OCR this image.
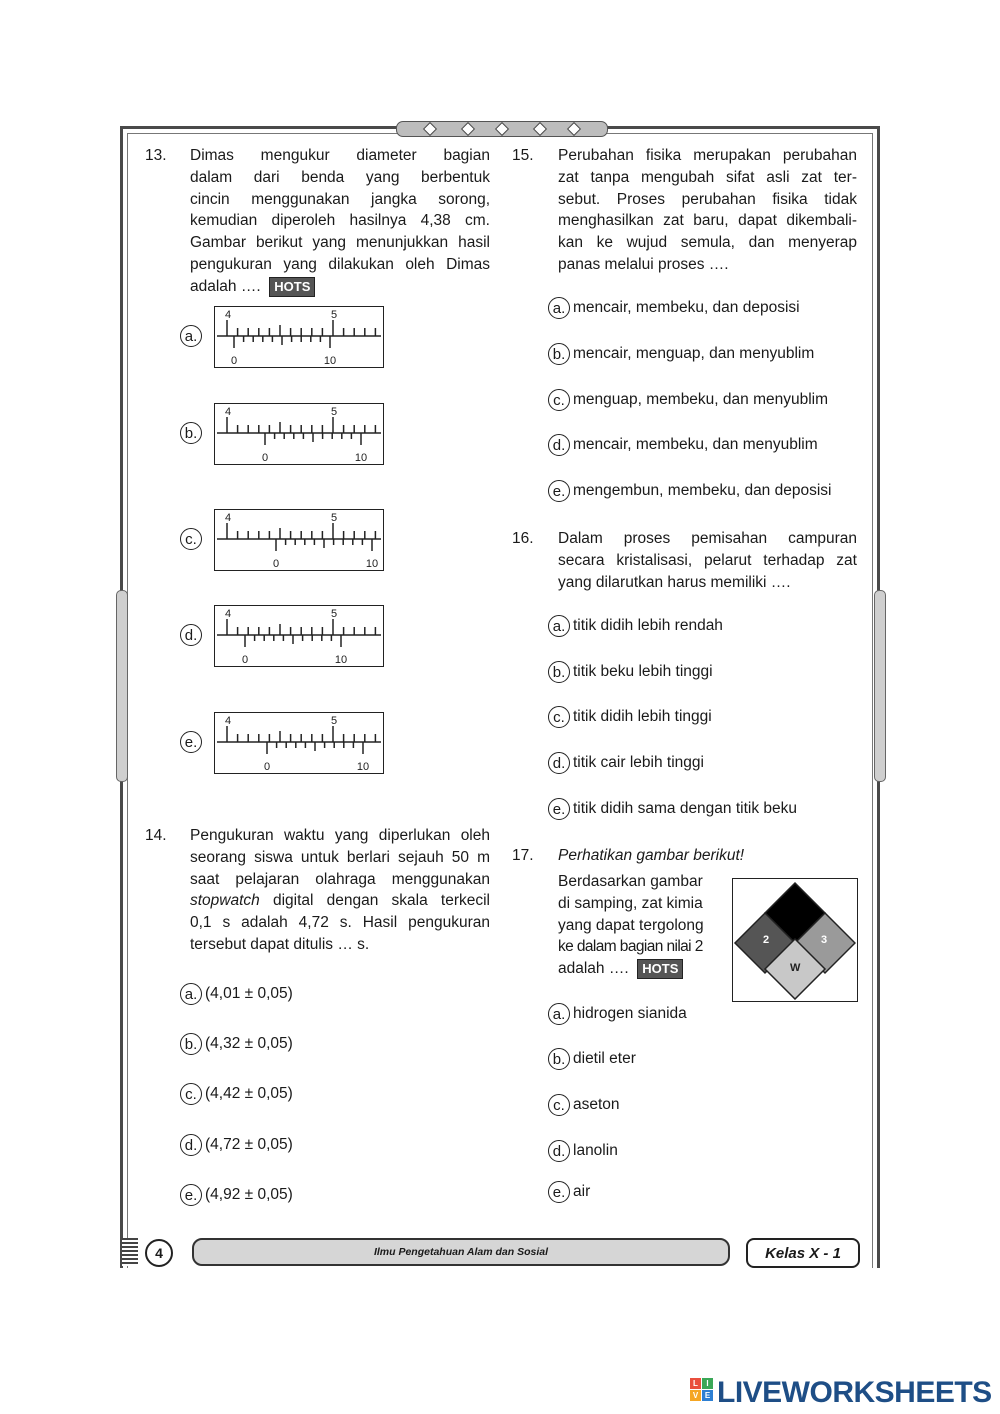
13. Dimas mengukur diameter bagian
dalam dari benda yang berbentuk
cincin menggunakan jangka sorong,
kemudian diperoleh hasilnya 4,38 cm.
Gambar berikut yang menunjukkan hasil
pengukuran yang dilakukan oleh Dimas
adalah …. HOTS
a.
4	5
0	10
b.
4	5
0	10
c.
4	5
0	10
d.
4	5
0	10
e.
4	5
0	10
14. Pengukuran waktu yang diperlukan oleh
seorang siswa untuk berlari sejauh 50 m
saat pelajaran olahraga menggunakan
stopwatch digital dengan skala terkecil
0,1 s adalah 4,72 s. Hasil pengukuran
tersebut dapat ditulis … s.
a. (4,01 ± 0,05)
b. (4,32 ± 0,05)
c. (4,42 ± 0,05)
d. (4,72 ± 0,05)
e. (4,92 ± 0,05)
15. Perubahan fisika merupakan perubahan
zat tanpa mengubah sifat asli zat ter-
sebut. Proses perubahan fisika tidak
menghasilkan zat baru, dapat dikembali-
kan ke wujud semula, dan menyerap
panas melalui proses ….
a. mencair, membeku, dan deposisi
b. mencair, menguap, dan menyublim
c. menguap, membeku, dan menyublim
d. mencair, membeku, dan menyublim
e. mengembun, membeku, dan deposisi
16. Dalam proses pemisahan campuran
secara kristalisasi, pelarut terhadap zat
yang dilarutkan harus memiliki ….
a. titik didih lebih rendah
b. titik beku lebih tinggi
c. titik didih lebih tinggi
d. titik cair lebih tinggi
e. titik didih sama dengan titik beku
17. Perhatikan gambar berikut!
Berdasarkan gambar
di samping, zat kimia
yang dapat tergolong
ke dalam bagian nilai 2
adalah …. HOTS
2	3
W
a. hidrogen sianida
b. dietil eter
c. aseton
d. lanolin
e. air
4	Ilmu Pengetahuan Alam dan Sosial	Kelas X - 1
L	I
V E LIVEWORKSHEETS
